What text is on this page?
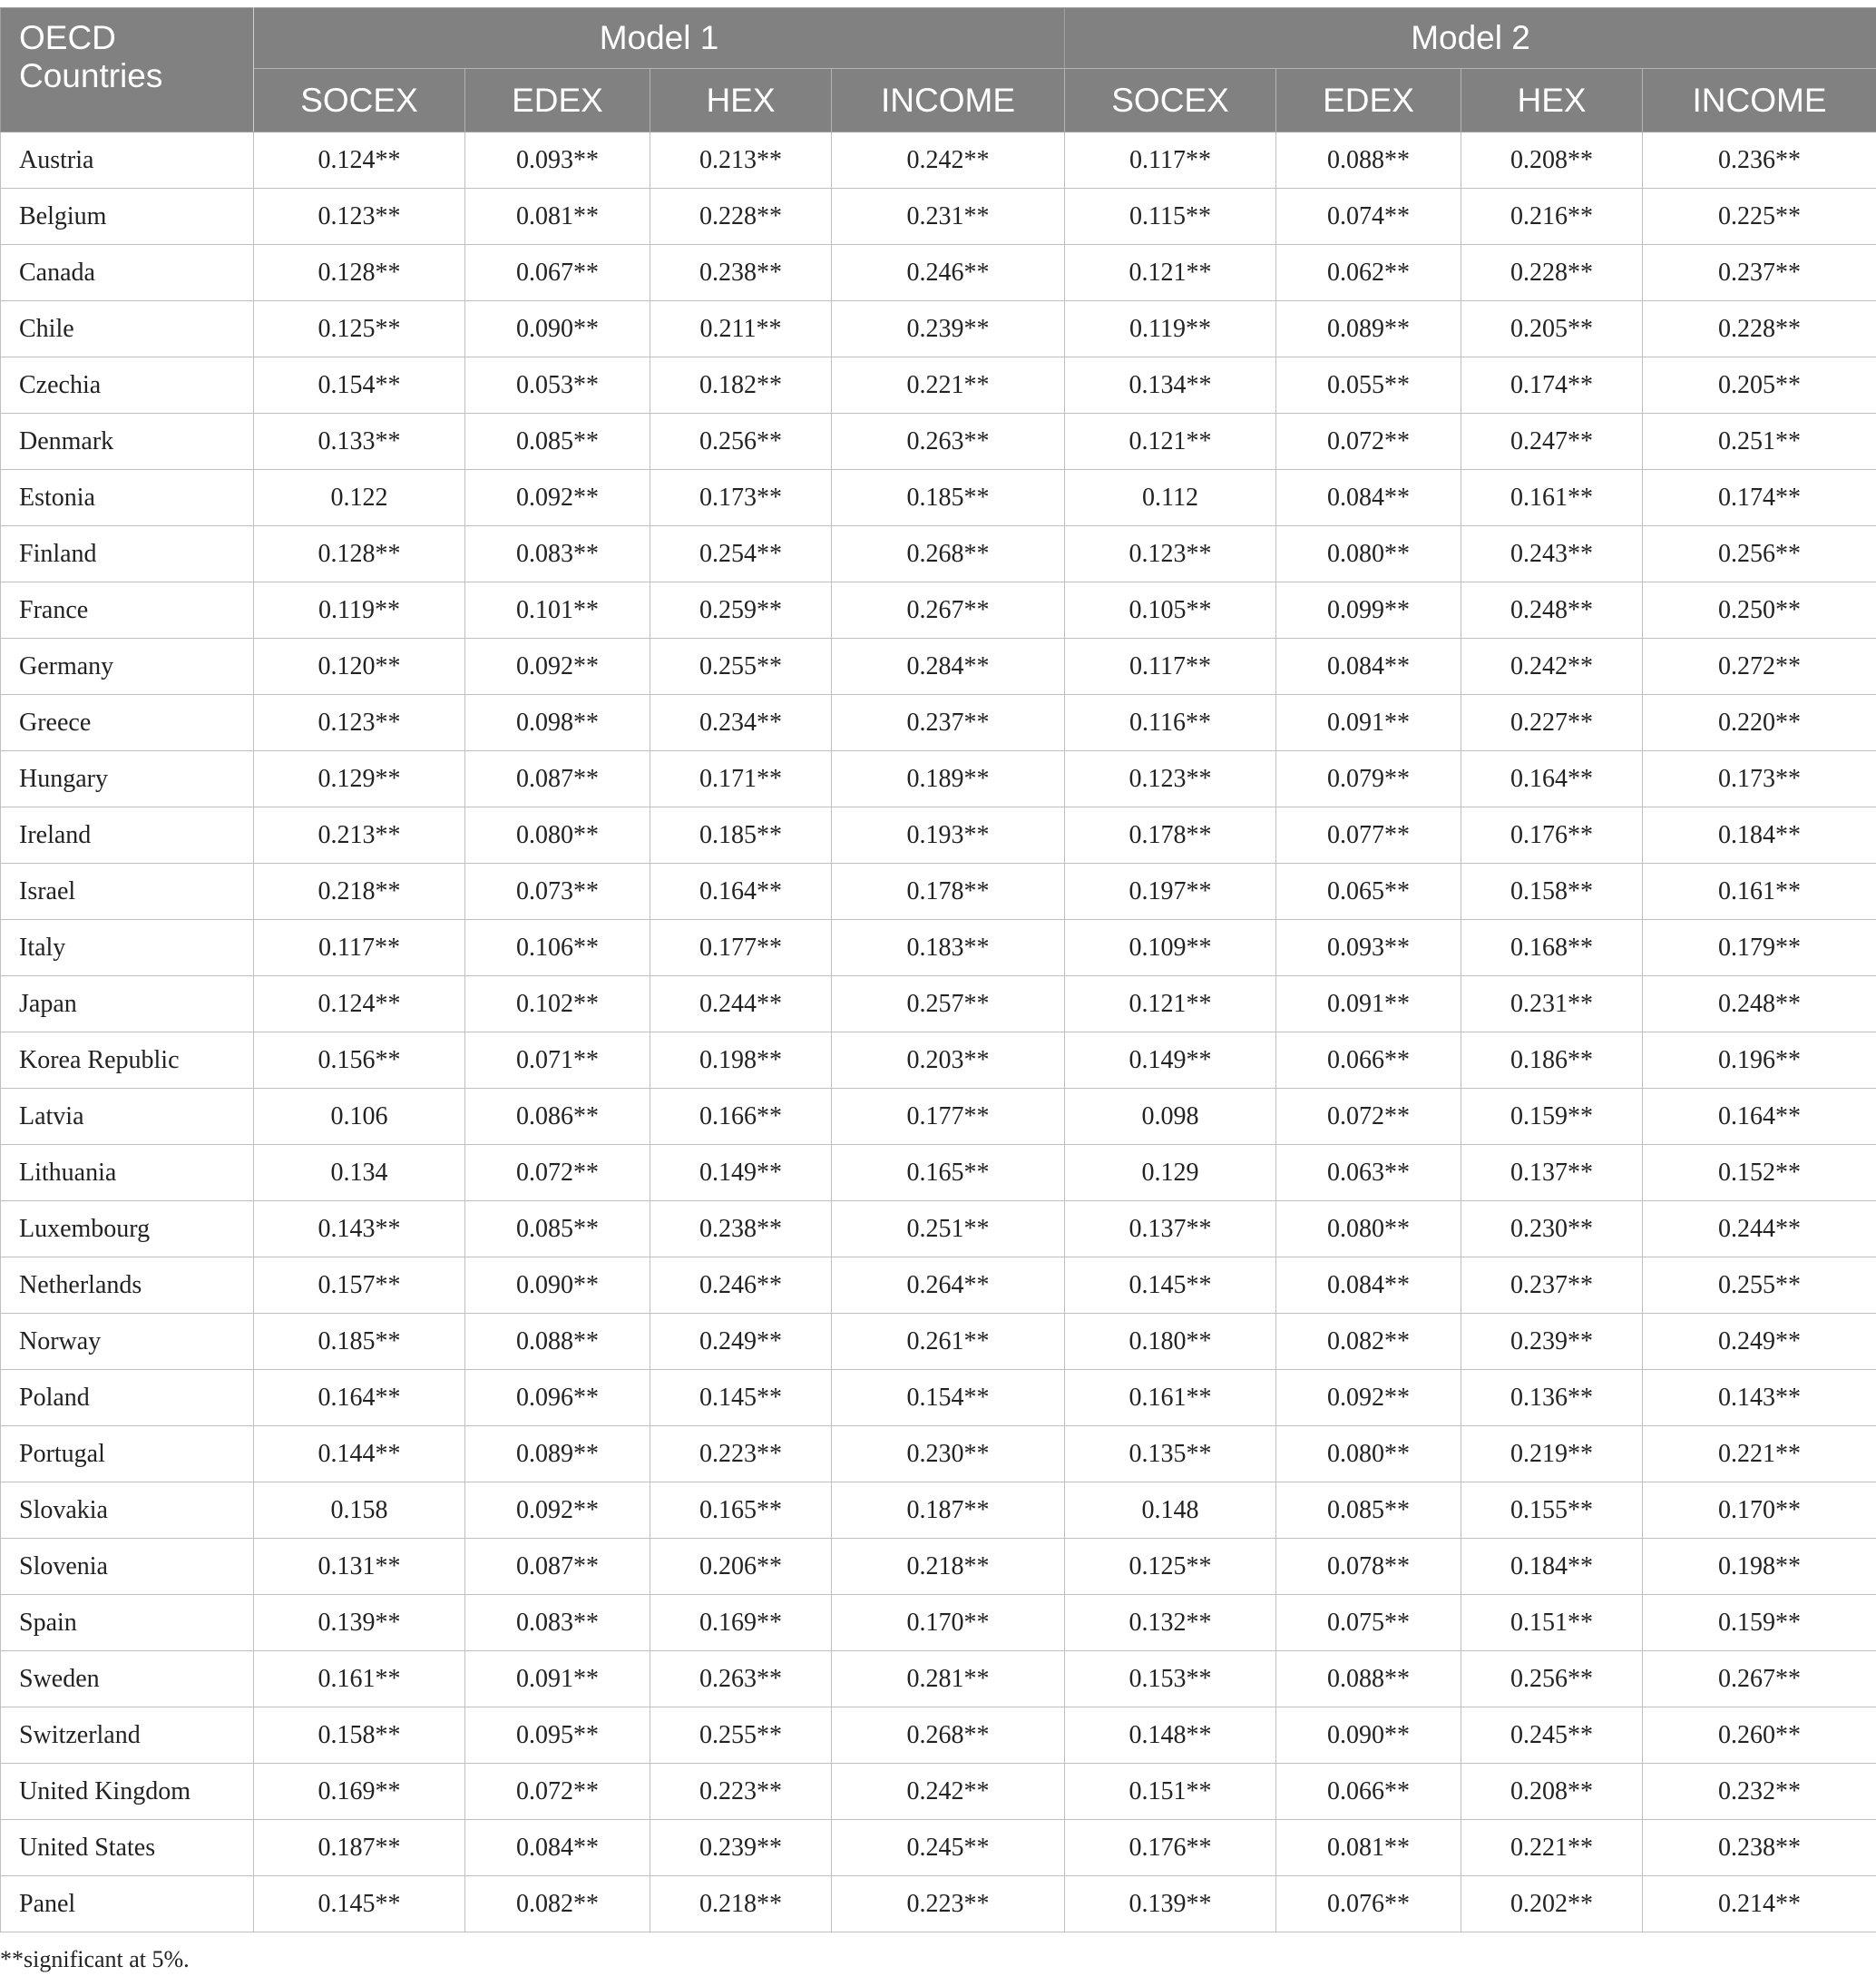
OECD Countries	Model 1				Model 2			
	SOCEX	EDEX	HEX	INCOME	SOCEX	EDEX	HEX	INCOME
Austria	0.124**	0.093**	0.213**	0.242**	0.117**	0.088**	0.208**	0.236**
Belgium	0.123**	0.081**	0.228**	0.231**	0.115**	0.074**	0.216**	0.225**
Canada	0.128**	0.067**	0.238**	0.246**	0.121**	0.062**	0.228**	0.237**
Chile	0.125**	0.090**	0.211**	0.239**	0.119**	0.089**	0.205**	0.228**
Czechia	0.154**	0.053**	0.182**	0.221**	0.134**	0.055**	0.174**	0.205**
Denmark	0.133**	0.085**	0.256**	0.263**	0.121**	0.072**	0.247**	0.251**
Estonia	0.122	0.092**	0.173**	0.185**	0.112	0.084**	0.161**	0.174**
Finland	0.128**	0.083**	0.254**	0.268**	0.123**	0.080**	0.243**	0.256**
France	0.119**	0.101**	0.259**	0.267**	0.105**	0.099**	0.248**	0.250**
Germany	0.120**	0.092**	0.255**	0.284**	0.117**	0.084**	0.242**	0.272**
Greece	0.123**	0.098**	0.234**	0.237**	0.116**	0.091**	0.227**	0.220**
Hungary	0.129**	0.087**	0.171**	0.189**	0.123**	0.079**	0.164**	0.173**
Ireland	0.213**	0.080**	0.185**	0.193**	0.178**	0.077**	0.176**	0.184**
Israel	0.218**	0.073**	0.164**	0.178**	0.197**	0.065**	0.158**	0.161**
Italy	0.117**	0.106**	0.177**	0.183**	0.109**	0.093**	0.168**	0.179**
Japan	0.124**	0.102**	0.244**	0.257**	0.121**	0.091**	0.231**	0.248**
Korea Republic	0.156**	0.071**	0.198**	0.203**	0.149**	0.066**	0.186**	0.196**
Latvia	0.106	0.086**	0.166**	0.177**	0.098	0.072**	0.159**	0.164**
Lithuania	0.134	0.072**	0.149**	0.165**	0.129	0.063**	0.137**	0.152**
Luxembourg	0.143**	0.085**	0.238**	0.251**	0.137**	0.080**	0.230**	0.244**
Netherlands	0.157**	0.090**	0.246**	0.264**	0.145**	0.084**	0.237**	0.255**
Norway	0.185**	0.088**	0.249**	0.261**	0.180**	0.082**	0.239**	0.249**
Poland	0.164**	0.096**	0.145**	0.154**	0.161**	0.092**	0.136**	0.143**
Portugal	0.144**	0.089**	0.223**	0.230**	0.135**	0.080**	0.219**	0.221**
Slovakia	0.158	0.092**	0.165**	0.187**	0.148	0.085**	0.155**	0.170**
Slovenia	0.131**	0.087**	0.206**	0.218**	0.125**	0.078**	0.184**	0.198**
Spain	0.139**	0.083**	0.169**	0.170**	0.132**	0.075**	0.151**	0.159**
Sweden	0.161**	0.091**	0.263**	0.281**	0.153**	0.088**	0.256**	0.267**
Switzerland	0.158**	0.095**	0.255**	0.268**	0.148**	0.090**	0.245**	0.260**
United Kingdom	0.169**	0.072**	0.223**	0.242**	0.151**	0.066**	0.208**	0.232**
United States	0.187**	0.084**	0.239**	0.245**	0.176**	0.081**	0.221**	0.238**
Panel	0.145**	0.082**	0.218**	0.223**	0.139**	0.076**	0.202**	0.214**
**significant at 5%.
